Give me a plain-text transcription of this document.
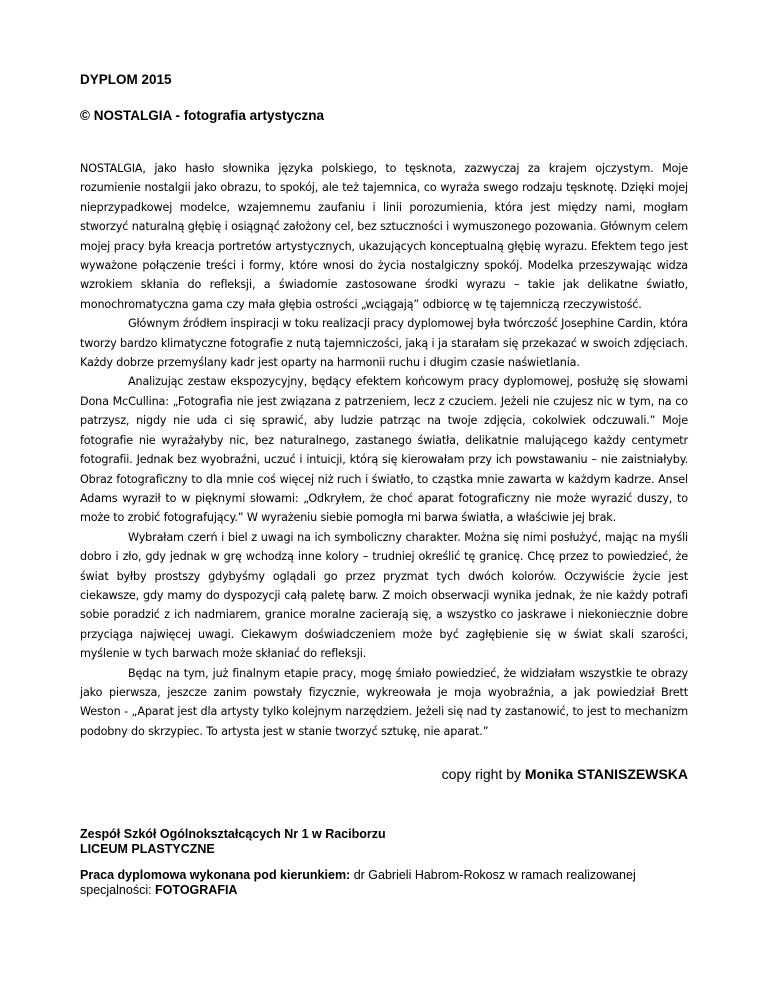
DYPLOM 2015
© NOSTALGIA - fotografia artystyczna

NOSTALGIA, jako hasło słownika języka polskiego, to tęsknota, zazwyczaj za krajem ojczystym. Moje rozumienie nostalgii jako obrazu, to spokój, ale też tajemnica, co wyraża swego rodzaju tęsknotę. Dzięki mojej nieprzypadkowej modelce, wzajemnemu zaufaniu i linii porozumienia, która jest między nami, mogłam stworzyć naturalną głębię i osiągnąć założony cel, bez sztuczności i wymuszonego pozowania. Głównym celem mojej pracy była kreacja portretów artystycznych, ukazujących konceptualną głębię wyrazu. Efektem tego jest wyważone połączenie treści i formy, które wnosi do życia nostalgiczny spokój. Modelka przeszywając widza wzrokiem skłania do refleksji, a świadomie zastosowane środki wyrazu – takie jak delikatne światło, monochromatyczna gama czy mała głębia ostrości „wciągają” odbiorcę w tę tajemniczą rzeczywistość.

Głównym źródłem inspiracji w toku realizacji pracy dyplomowej była twórczość Josephine Cardin, która tworzy bardzo klimatyczne fotografie z nutą tajemniczości, jaką i ja starałam się przekazać w swoich zdjęciach. Każdy dobrze przemyślany kadr jest oparty na harmonii ruchu i długim czasie naświetlania.

Analizując zestaw ekspozycyjny, będący efektem końcowym pracy dyplomowej, posłużę się słowami Dona McCullina: „Fotografia nie jest związana z patrzeniem, lecz z czuciem. Jeżeli nie czujesz nic w tym, na co patrzysz, nigdy nie uda ci się sprawić, aby ludzie patrząc na twoje zdjęcia, cokolwiek odczuwali.” Moje fotografie nie wyrażałyby nic, bez naturalnego, zastanego światła, delikatnie malującego każdy centymetr fotografii. Jednak bez wyobraźni, uczuć i intuicji, którą się kierowałam przy ich powstawaniu – nie zaistniałyby. Obraz fotograficzny to dla mnie coś więcej niż ruch i światło, to cząstka mnie zawarta w każdym kadrze. Ansel Adams wyraził to w pięknymi słowami: „Odkryłem, że choć aparat fotograficzny nie może wyrazić duszy, to może to zrobić fotografujący.” W wyrażeniu siebie pomogła mi barwa światła, a właściwie jej brak.

Wybrałam czerń i biel z uwagi na ich symboliczny charakter. Można się nimi posłużyć, mając na myśli dobro i zło, gdy jednak w grę wchodzą inne kolory – trudniej określić tę granicę. Chcę przez to powiedzieć, że świat byłby prostszy gdybyśmy oglądali go przez pryzmat tych dwóch kolorów. Oczywiście życie jest ciekawsze, gdy mamy do dyspozycji całą paletę barw. Z moich obserwacji wynika jednak, że nie każdy potrafi sobie poradzić z ich nadmiarem, granice moralne zacierają się, a wszystko co jaskrawe i niekoniecznie dobre przyciąga najwięcej uwagi. Ciekawym doświadczeniem może być zagłębienie się w świat skali szarości, myślenie w tych barwach może skłaniać do refleksji.

Będąc na tym, już finalnym etapie pracy, mogę śmiało powiedzieć, że widziałam wszystkie te obrazy jako pierwsza, jeszcze zanim powstały fizycznie, wykreowała je moja wyobraźnia, a jak powiedział Brett Weston - „Aparat jest dla artysty tylko kolejnym narzędziem. Jeżeli się nad ty zastanowić, to jest to mechanizm podobny do skrzypiec. To artysta jest w stanie tworzyć sztukę, nie aparat.”

copy right by Monika STANISZEWSKA
Zespół Szkół Ogólnokształcących Nr 1 w Raciborzu
LICEUM PLASTYCZNE
Praca dyplomowa wykonana pod kierunkiem: dr Gabrieli Habrom-Rokosz w ramach realizowanej specjalności: FOTOGRAFIA
